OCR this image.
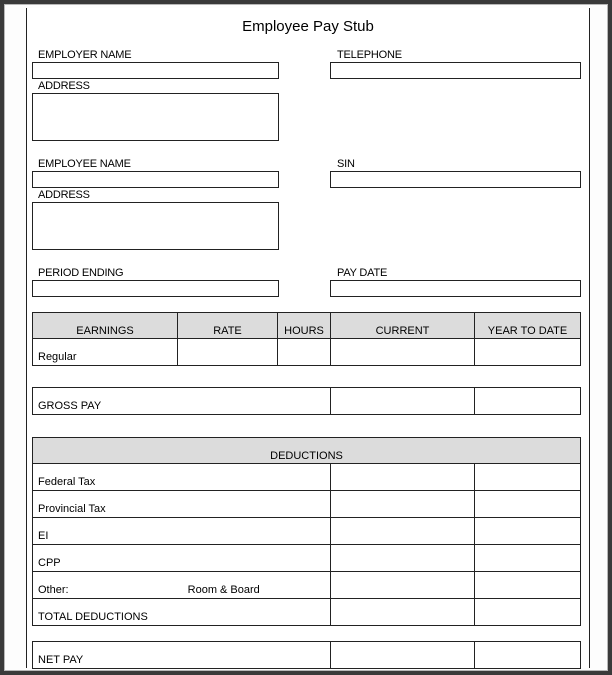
Employee Pay Stub
EMPLOYER NAME	TELEPHONE
ADDRESS
EMPLOYEE NAME	SIN
ADDRESS
PERIOD ENDING	PAY DATE
EARNINGS	RATE	HOURS	CURRENT	YEAR TO DATE
Regular				
GROSS PAY		
DEDUCTIONS		
Federal Tax		
Provincial Tax		
EI		
CPP		
Other: Room & Board		
TOTAL DEDUCTIONS		
NET PAY		
